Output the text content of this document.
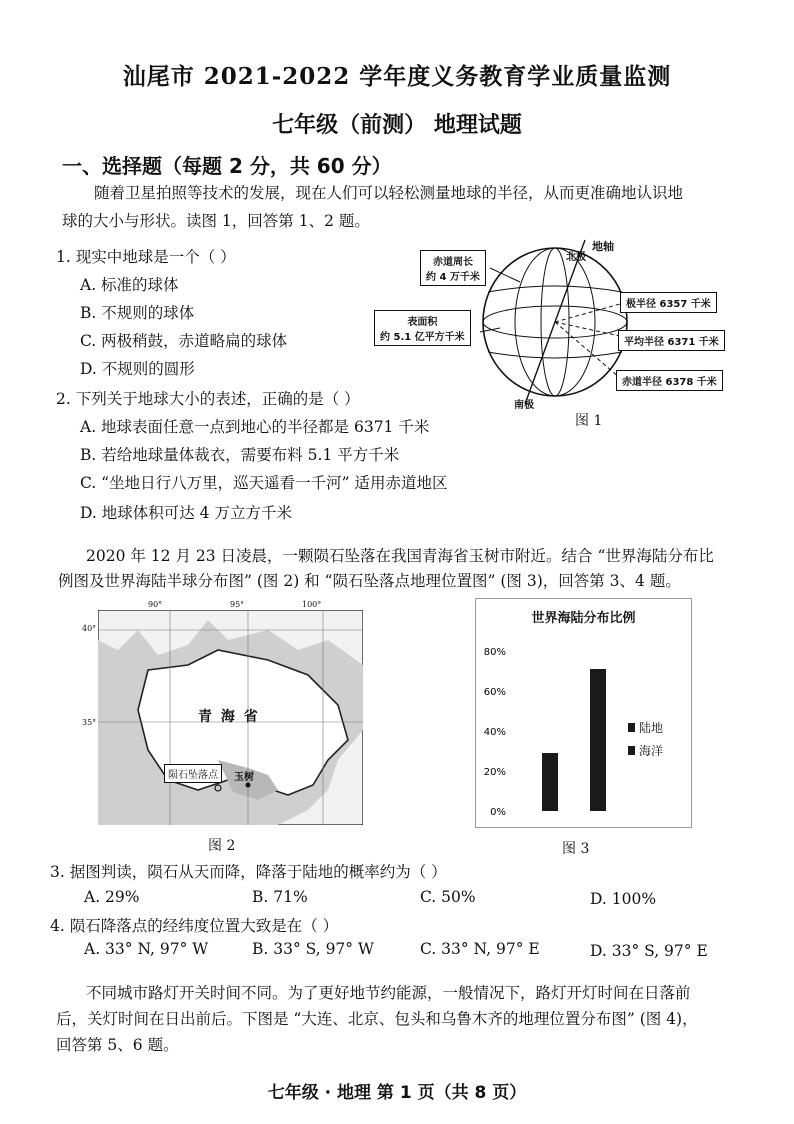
汕尾市 2021-2022 学年度义务教育学业质量监测
七年级（前测） 地理试题
一、选择题（每题 2 分，共 60 分）
随着卫星拍照等技术的发展，现在人们可以轻松测量地球的半径，从而更准确地认识地
球的大小与形状。读图 1，回答第 1、2 题。
1. 现实中地球是一个（ ）
A. 标准的球体
B. 不规则的球体
C. 两极稍鼓，赤道略扁的球体
D. 不规则的圆形
2. 下列关于地球大小的表述，正确的是（ ）
A. 地球表面任意一点到地心的半径都是 6371 千米
B. 若给地球量体裁衣，需要布料 5.1 平方千米
C. “坐地日行八万里，巡天遥看一千河” 适用赤道地区
D. 地球体积可达 4 万立方千米
地轴
北极
南极
赤道周长
约 4 万千米
表面积
约 5.1 亿平方千米
极半径 6357 千米
平均半径 6371 千米
赤道半径 6378 千米
图 1
2020 年 12 月 23 日凌晨，一颗陨石坠落在我国青海省玉树市附近。结合 “世界海陆分布比
例图及世界海陆半球分布图” (图 2) 和 “陨石坠落点地理位置图” (图 3)，回答第 3、4 题。
90°	95°	100°
40°
35°	青 海 省
陨石坠落点	玉树
图 2
世界海陆分布比例
0%
20%
40%
60%
80%
陆地
海洋
图 3
3. 据图判读，陨石从天而降，降落于陆地的概率约为（ ）
A. 29%	B. 71%	C. 50%	D. 100%
4. 陨石降落点的经纬度位置大致是在（ ）
A. 33° N, 97° W	B. 33° S, 97° W	C. 33° N, 97° E	D. 33° S, 97° E
不同城市路灯开关时间不同。为了更好地节约能源，一般情况下，路灯开灯时间在日落前
后，关灯时间在日出前后。下图是 “大连、北京、包头和乌鲁木齐的地理位置分布图” (图 4)，
回答第 5、6 题。
七年级 · 地理 第 1 页（共 8 页）
